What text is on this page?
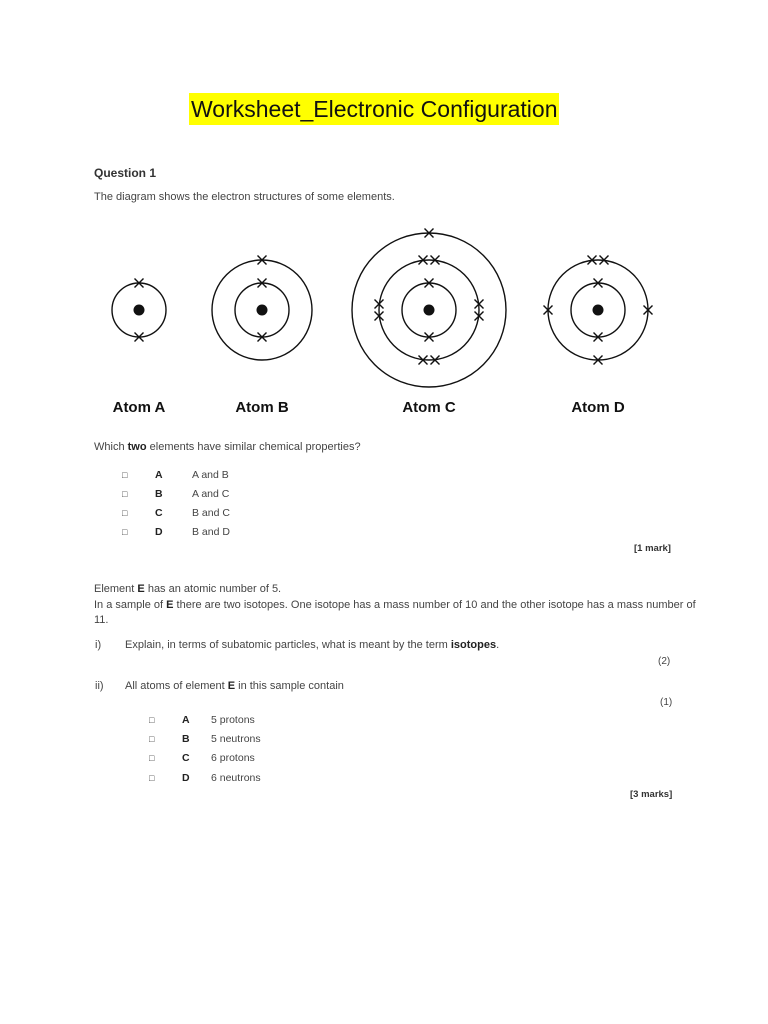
Worksheet_Electronic Configuration
Question 1
The diagram shows the electron structures of some elements.
Atom A	Atom B	Atom C	Atom D
Which two elements have similar chemical properties?
□	A	A and B
□	B	A and C
□	C	B and C
□	D	B and D
[1 mark]
Element E has an atomic number of 5.
In a sample of E there are two isotopes. One isotope has a mass number of 10 and the other isotope has a mass number of
11.
i) Explain, in terms of subatomic particles, what is meant by the term isotopes.
(2)
ii) All atoms of element E in this sample contain
(1)
□	A 5 protons
□	B 5 neutrons
□	C 6 protons
□	D 6 neutrons
[3 marks]
